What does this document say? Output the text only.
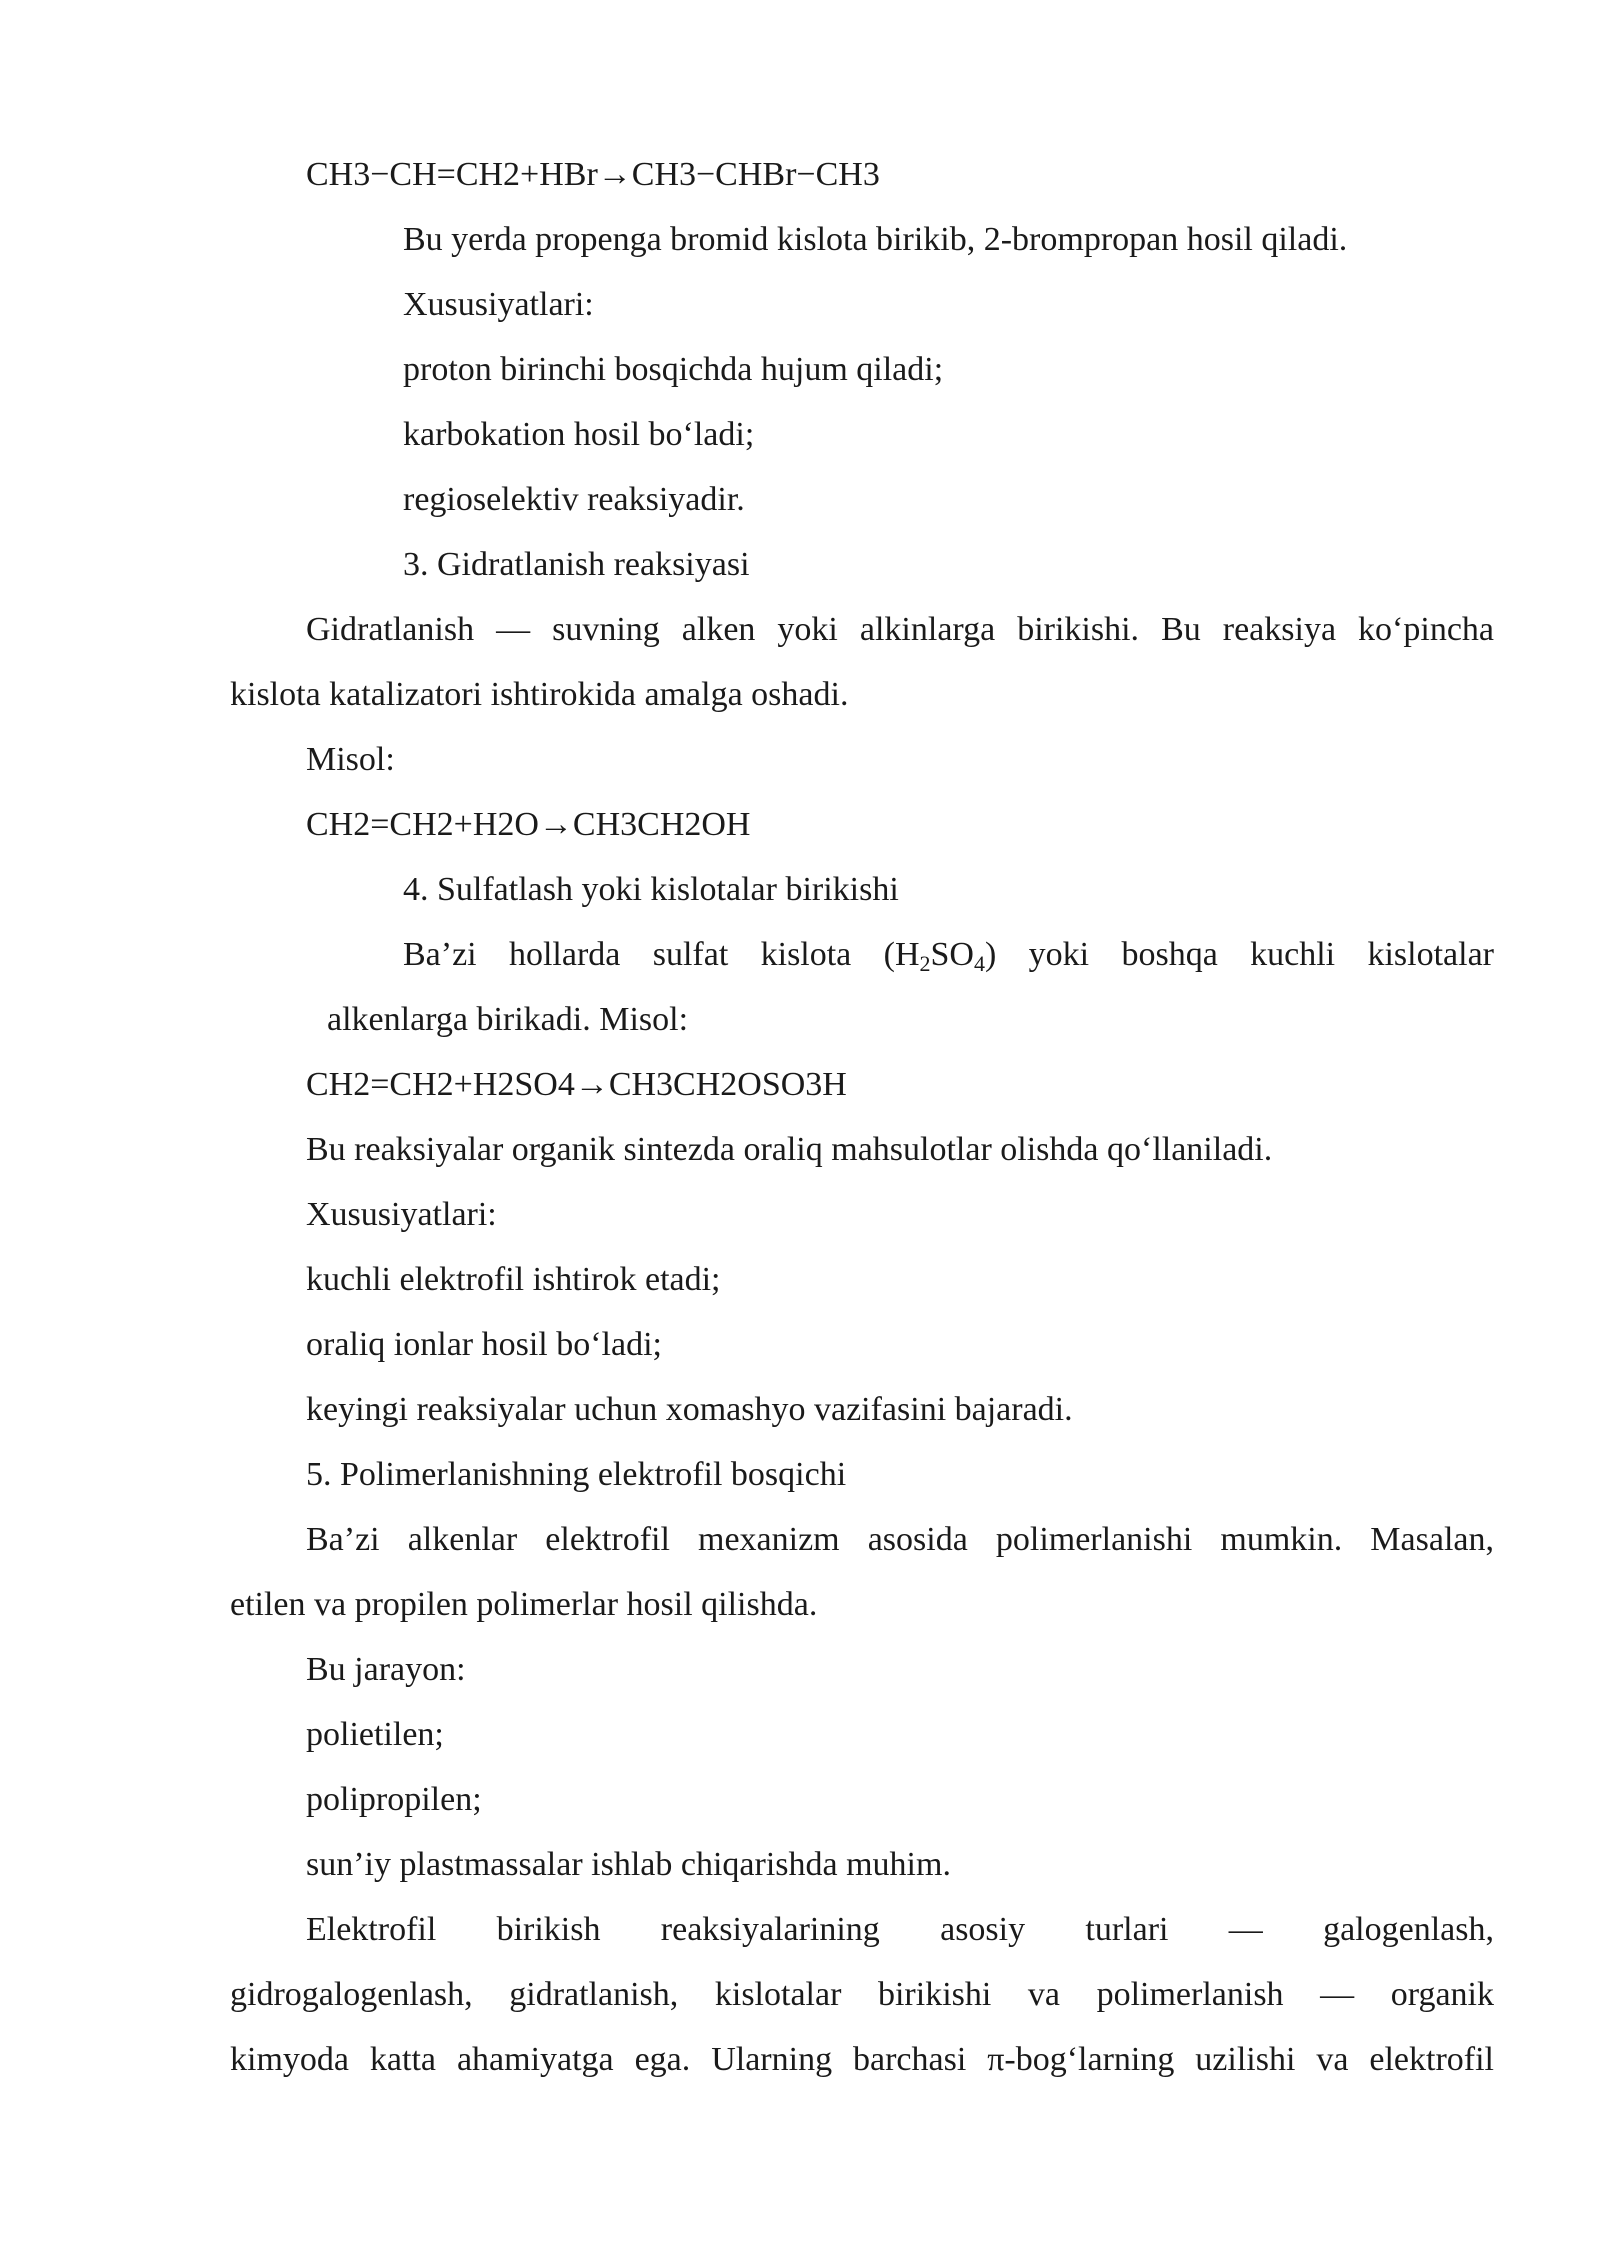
CH3−CH=CH2+HBr→CH3−CHBr−CH3
Bu yerda propenga bromid kislota birikib, 2-brompropan hosil qiladi.
Xususiyatlari:
proton birinchi bosqichda hujum qiladi;
karbokation hosil bo‘ladi;
regioselektiv reaksiyadir.
3. Gidratlanish reaksiyasi
Gidratlanish — suvning alken yoki alkinlarga birikishi. Bu reaksiya ko‘pincha
kislota katalizatori ishtirokida amalga oshadi.
Misol:
CH2=CH2+H2O→CH3CH2OH
4. Sulfatlash yoki kislotalar birikishi
Ba’zi hollarda sulfat kislota $(H_2SO_4)$ yoki boshqa kuchli kislotalar
alkenlarga birikadi. Misol:
CH2=CH2+H2SO4→CH3CH2OSO3H
Bu reaksiyalar organik sintezda oraliq mahsulotlar olishda qo‘llaniladi.
Xususiyatlari:
kuchli elektrofil ishtirok etadi;
oraliq ionlar hosil bo‘ladi;
keyingi reaksiyalar uchun xomashyo vazifasini bajaradi.
5. Polimerlanishning elektrofil bosqichi
Ba’zi alkenlar elektrofil mexanizm asosida polimerlanishi mumkin. Masalan,
etilen va propilen polimerlar hosil qilishda.
Bu jarayon:
polietilen;
polipropilen;
sun’iy plastmassalar ishlab chiqarishda muhim.
Elektrofil birikish reaksiyalarining asosiy turlari — galogenlash,
gidrogalogenlash, gidratlanish, kislotalar birikishi va polimerlanish — organik
kimyoda katta ahamiyatga ega. Ularning barchasi π-bog‘larning uzilishi va elektrofil
